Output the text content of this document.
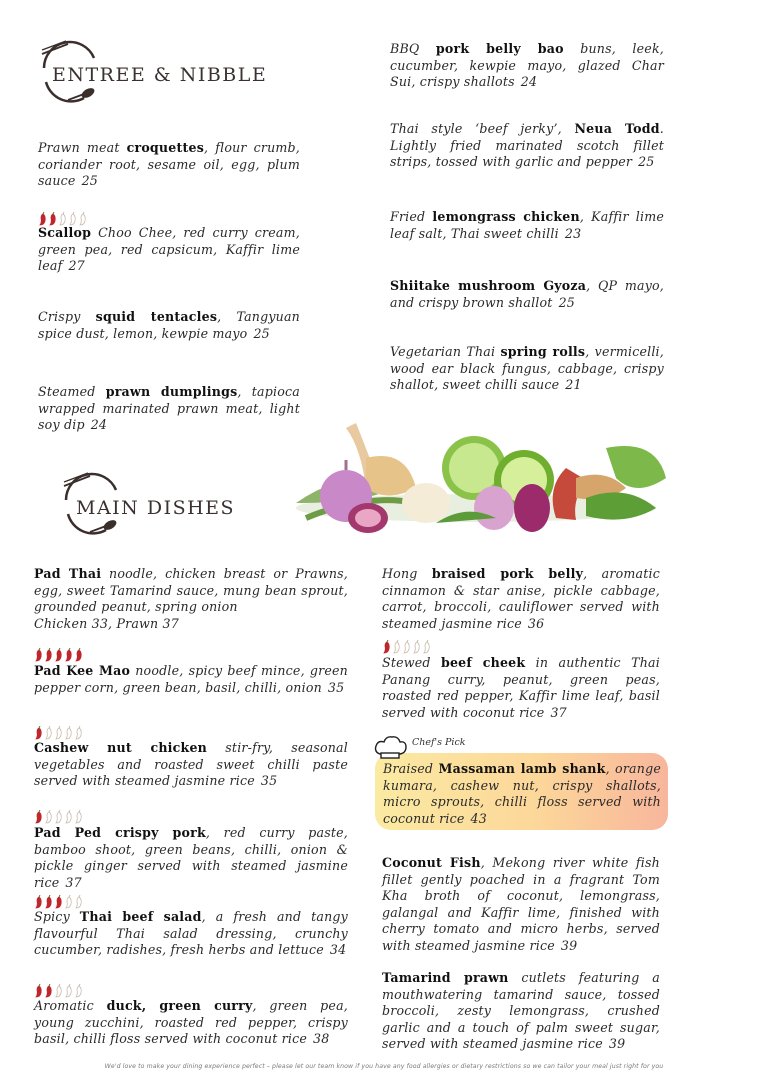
ENTREE & NIBBLE
Prawn meat croquettes, flour crumb, coriander root, sesame oil, egg, plum sauce 25
Scallop Choo Chee, red curry cream, green pea, red capsicum, Kaffir lime leaf 27
Crispy squid tentacles, Tangyuan spice dust, lemon, kewpie mayo 25
Steamed prawn dumplings, tapioca wrapped marinated prawn meat, light soy dip 24
BBQ pork belly bao buns, leek, cucumber, kewpie mayo, glazed Char Sui, crispy shallots 24
Thai style ‘beef jerky’, Neua Todd. Lightly fried marinated scotch fillet strips, tossed with garlic and pepper 25
Fried lemongrass chicken, Kaffir lime leaf salt, Thai sweet chilli 23
Shiitake mushroom Gyoza, QP mayo, and crispy brown shallot 25
Vegetarian Thai spring rolls, vermicelli, wood ear black fungus, cabbage, crispy shallot, sweet chilli sauce 21
MAIN DISHES
Pad Thai noodle, chicken breast or Prawns, egg, sweet Tamarind sauce, mung bean sprout, grounded peanut, spring onion
Chicken 33, Prawn 37
Pad Kee Mao noodle, spicy beef mince, green pepper corn, green bean, basil, chilli, onion 35
Cashew nut chicken stir-fry, seasonal vegetables and roasted sweet chilli paste served with steamed jasmine rice 35
Pad Ped crispy pork, red curry paste, bamboo shoot, green beans, chilli, onion & pickle ginger served with steamed jasmine rice 37
Spicy Thai beef salad, a fresh and tangy flavourful Thai salad dressing, crunchy cucumber, radishes, fresh herbs and lettuce 34
Aromatic duck, green curry, green pea, young zucchini, roasted red pepper, crispy basil, chilli floss served with coconut rice 38
Hong braised pork belly, aromatic cinnamon & star anise, pickle cabbage, carrot, broccoli, cauliflower served with steamed jasmine rice 36
Stewed beef cheek in authentic Thai Panang curry, peanut, green peas, roasted red pepper, Kaffir lime leaf, basil served with coconut rice 37
Chef's Pick
Braised Massaman lamb shank, orange kumara, cashew nut, crispy shallots, micro sprouts, chilli floss served with coconut rice 43
Coconut Fish, Mekong river white fish fillet gently poached in a fragrant Tom Kha broth of coconut, lemongrass, galangal and Kaffir lime, finished with cherry tomato and micro herbs, served with steamed jasmine rice 39
Tamarind prawn cutlets featuring a mouthwatering tamarind sauce, tossed broccoli, zesty lemongrass, crushed garlic and a touch of palm sweet sugar, served with steamed jasmine rice 39
We'd love to make your dining experience perfect – please let our team know if you have any food allergies or dietary restrictions so we can tailor your meal just right for you
